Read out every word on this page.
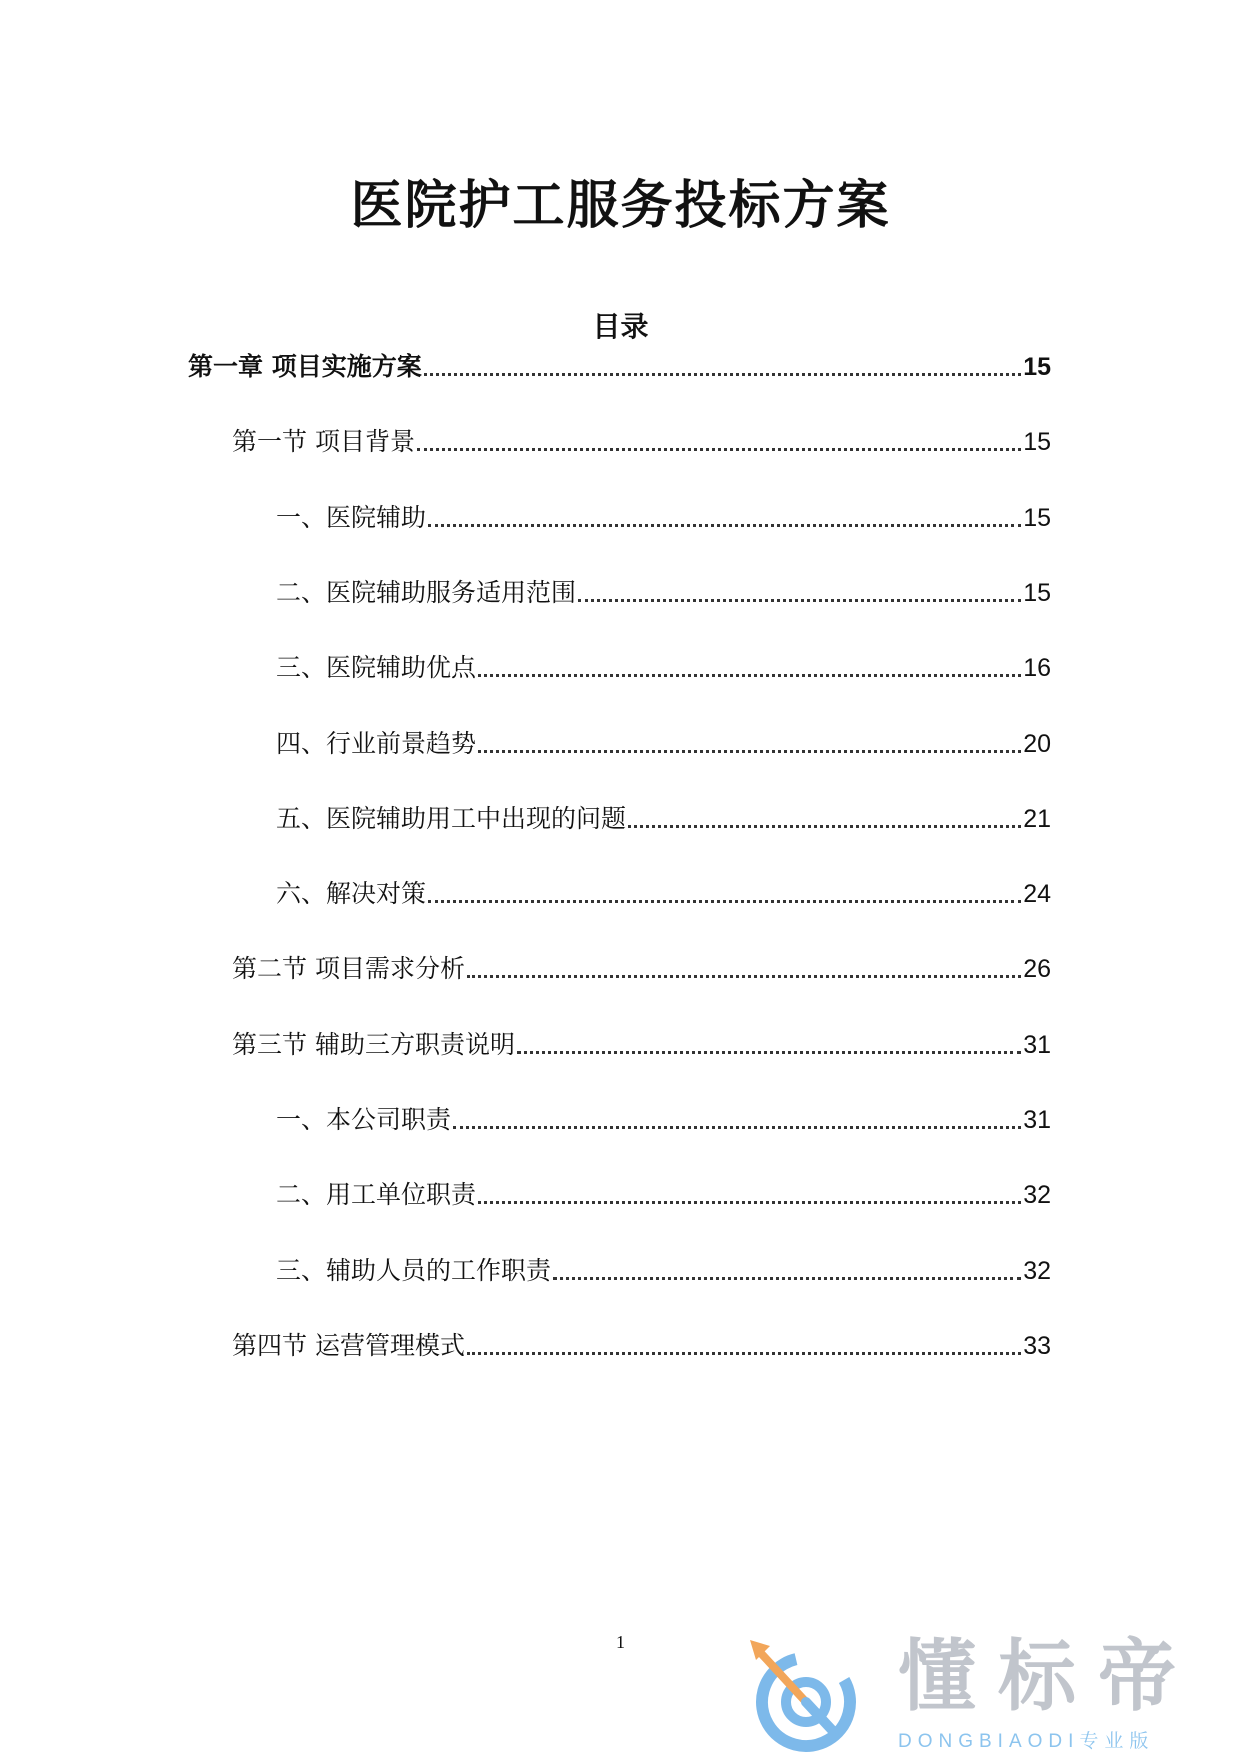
医院护工服务投标方案
目录
第一章 项目实施方案	15
第一节 项目背景	15
一、医院辅助	15
二、医院辅助服务适用范围	15
三、医院辅助优点	16
四、行业前景趋势	20
五、医院辅助用工中出现的问题	21
六、解决对策	24
第二节 项目需求分析	26
第三节 辅助三方职责说明	31
一、本公司职责	31
二、用工单位职责	32
三、辅助人员的工作职责	32
第四节 运营管理模式	33
1	懂标帝
DONGBIAODI专业版
